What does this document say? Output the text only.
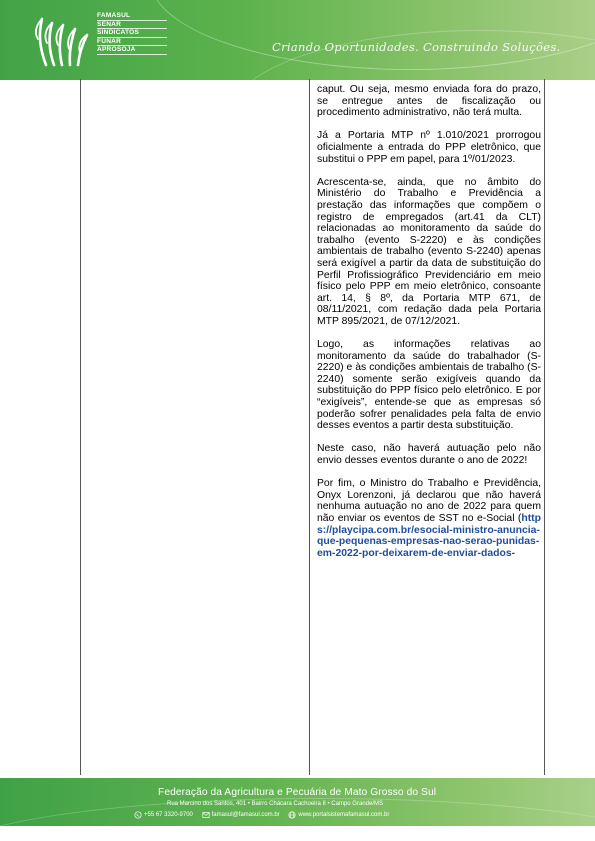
FAMASUL
SENAR
SINDICATOS
FUNAR
APROSOJA	Criando Oportunidades. Construindo Soluções.

caput. Ou seja, mesmo enviada fora do prazo, se entregue antes de fiscalização ou procedimento administrativo, não terá multa.

Já a Portaria MTP nº 1.010/2021 prorrogou oficialmente a entrada do PPP eletrônico, que substitui o PPP em papel, para 1º/01/2023.

Acrescenta-se, ainda, que no âmbito do Ministério do Trabalho e Previdência a prestação das informações que compõem o registro de empregados (art.41 da CLT) relacionadas ao monitoramento da saúde do trabalho (evento S-2220) e às condições ambientais de trabalho (evento S-2240) apenas será exigível a partir da data de substituição do Perfil Profissiográfico Previdenciário em meio físico pelo PPP em meio eletrônico, consoante art. 14, § 8º, da Portaria MTP 671, de 08/11/2021, com redação dada pela Portaria MTP 895/2021, de 07/12/2021.

Logo, as informações relativas ao monitoramento da saúde do trabalhador (S-2220) e às condições ambientais de trabalho (S-2240) somente serão exigíveis quando da substituição do PPP físico pelo eletrônico. E por “exigíveis”, entende-se que as empresas só poderão sofrer penalidades pela falta de envio desses eventos a partir desta substituição.

Neste caso, não haverá autuação pelo não envio desses eventos durante o ano de 2022!

Por fim, o Ministro do Trabalho e Previdência, Onyx Lorenzoni, já declarou que não haverá nenhuma autuação no ano de 2022 para quem não enviar os eventos de SST no e-Social (https://playcipa.com.br/esocial-ministro-anuncia-que-pequenas-empresas-nao-serao-punidas-em-2022-por-deixarem-de-enviar-dados-

Federação da Agricultura e Pecuária de Mato Grosso do Sul
Rua Marcino dos Santos, 401 • Bairro Chácara Cachoeira II • Campo Grande/MS
+55 67 3320-9700
	famasul@famasul.com.br
	www.portalsistemafamasul.com.br
